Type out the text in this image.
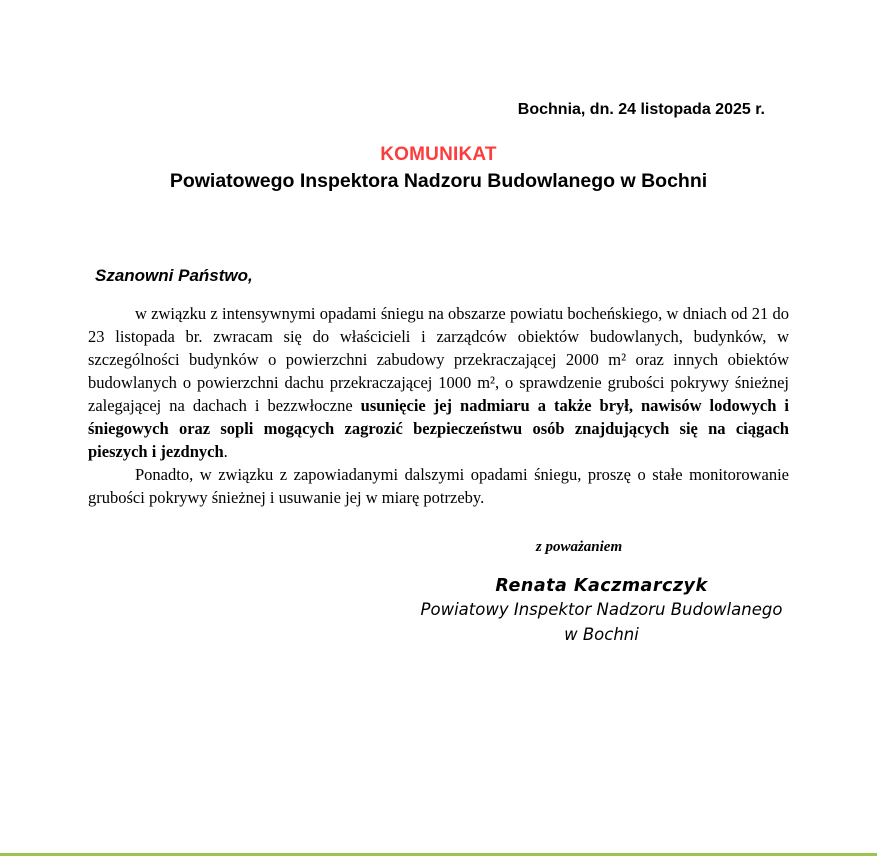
Bochnia, dn. 24 listopada 2025 r.
KOMUNIKAT
Powiatowego Inspektora Nadzoru Budowlanego w Bochni
Szanowni Państwo,

w związku z intensywnymi opadami śniegu na obszarze powiatu bocheńskiego, w dniach od 21 do 23 listopada br. zwracam się do właścicieli i zarządców obiektów budowlanych, budynków, w szczególności budynków o powierzchni zabudowy przekraczającej 2000 m² oraz innych obiektów budowlanych o powierzchni dachu przekraczającej 1000 m², o sprawdzenie grubości pokrywy śnieżnej zalegającej na dachach i bezzwłoczne usunięcie jej nadmiaru a także brył, nawisów lodowych i śniegowych oraz sopli mogących zagrozić bezpieczeństwu osób znajdujących się na ciągach pieszych i jezdnych.

Ponadto, w związku z zapowiadanymi dalszymi opadami śniegu, proszę o stałe monitorowanie grubości pokrywy śnieżnej i usuwanie jej w miarę potrzeby.

z poważaniem
Renata Kaczmarczyk
Powiatowy Inspektor Nadzoru Budowlanego
w Bochni
